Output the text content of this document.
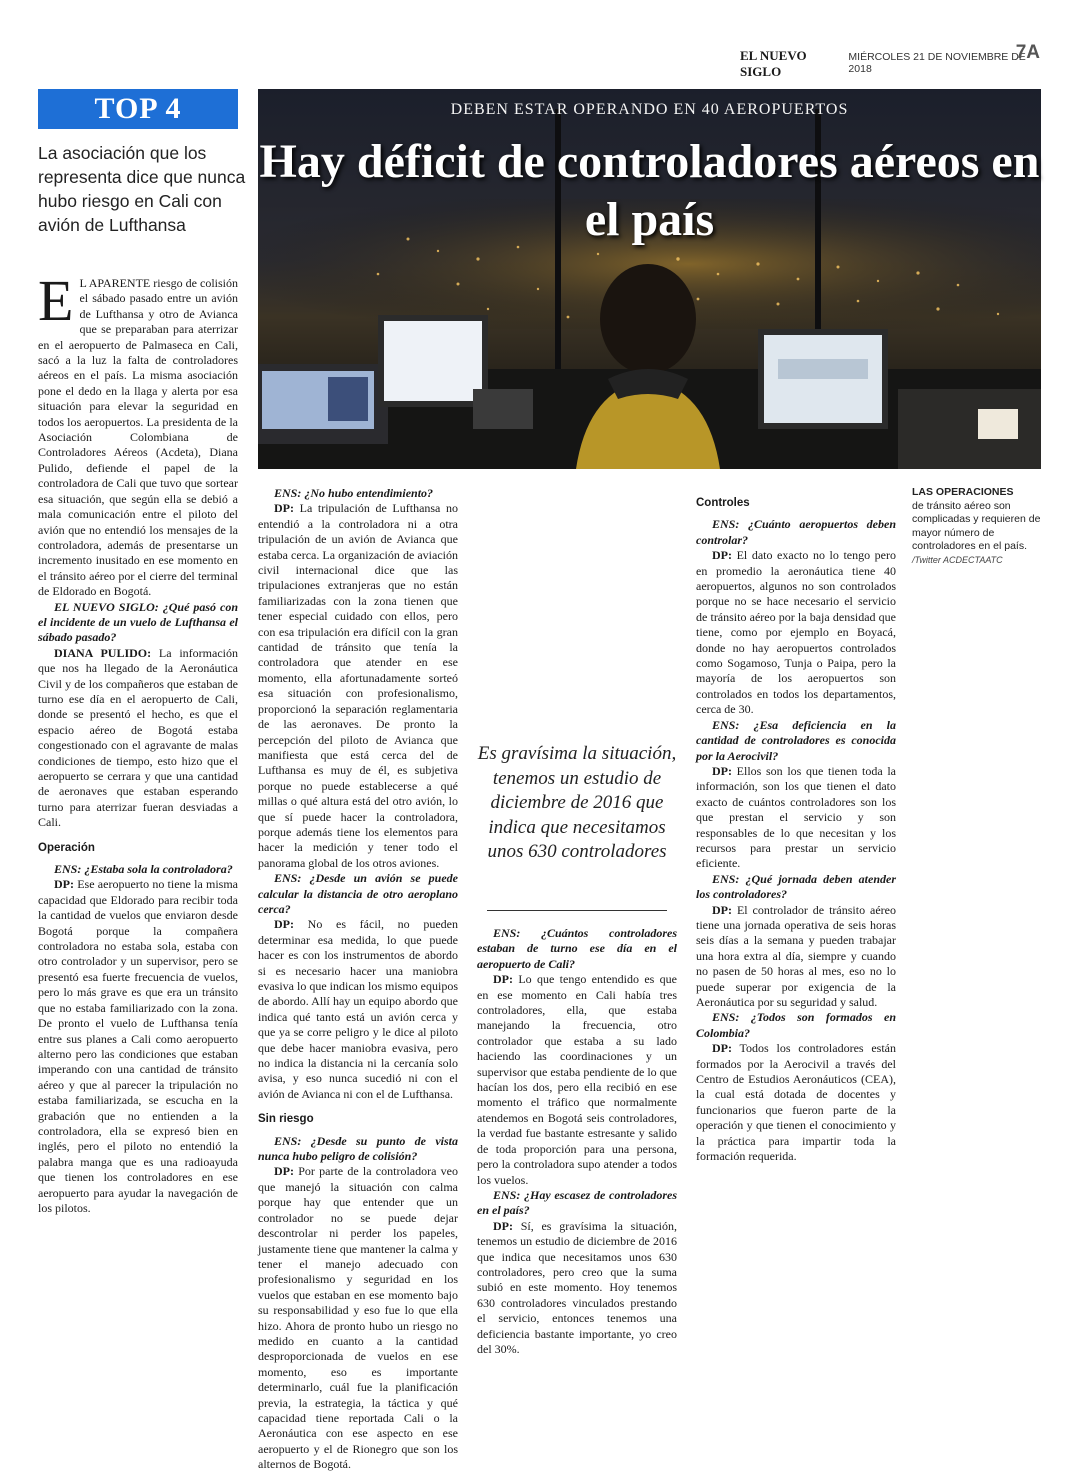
EL NUEVO SIGLO
MIÉRCOLES 21 DE NOVIEMBRE DE 2018
7A
TOP 4
La asociación que los representa dice que nunca hubo riesgo en Cali con avión de Lufthansa
DEBEN ESTAR OPERANDO EN 40 AEROPUERTOS
Hay déficit de controladores aéreos en el país

E L APARENTE riesgo de colisión el sábado pasado entre un avión de Lufthansa y otro de Avianca que se preparaban para aterrizar en el aeropuerto de Palmaseca en Cali, sacó a la luz la falta de controladores aéreos en el país. La misma asociación pone el dedo en la llaga y alerta por esa situación para elevar la seguridad en todos los aeropuertos. La presidenta de la Asociación Colombiana de Controladores Aéreos (Acdeta), Diana Pulido, defiende el papel de la controladora de Cali que tuvo que sortear esa situación, que según ella se debió a mala comunicación entre el piloto del avión que no entendió los mensajes de la controladora, además de presentarse un incremento inusitado en ese momento en el tránsito aéreo por el cierre del terminal de Eldorado en Bogotá.

EL NUEVO SIGLO: ¿Qué pasó con el incidente de un vuelo de Lufthansa el sábado pasado?

DIANA PULIDO: La información que nos ha llegado de la Aeronáutica Civil y de los compañeros que estaban de turno ese día en el aeropuerto de Cali, donde se presentó el hecho, es que el espacio aéreo de Bogotá estaba congestionado con el agravante de malas condiciones de tiempo, esto hizo que el aeropuerto se cerrara y que una cantidad de aeronaves que estaban esperando turno para aterrizar fueran desviadas a Cali.

Operación

ENS: ¿Estaba sola la controladora?

DP: Ese aeropuerto no tiene la misma capacidad que Eldorado para recibir toda la cantidad de vuelos que enviaron desde Bogotá porque la compañera controladora no estaba sola, estaba con otro controlador y un supervisor, pero se presentó esa fuerte frecuencia de vuelos, pero lo más grave es que era un tránsito que no estaba familiarizado con la zona. De pronto el vuelo de Lufthansa tenía entre sus planes a Cali como aeropuerto alterno pero las condiciones que estaban imperando con una cantidad de tránsito aéreo y que al parecer la tripulación no estaba familiarizada, se escucha en la grabación que no entienden a la controladora, ella se expresó bien en inglés, pero el piloto no entendió la palabra manga que es una radioayuda que tienen los controladores en ese aeropuerto para ayudar la navegación de los pilotos.

ENS: ¿No hubo entendimiento?

DP: La tripulación de Lufthansa no entendió a la controladora ni a otra tripulación de un avión de Avianca que estaba cerca. La organización de aviación civil internacional dice que las tripulaciones extranjeras que no están familiarizadas con la zona tienen que tener especial cuidado con ellos, pero con esa tripulación era difícil con la gran cantidad de tránsito que tenía la controladora que atender en ese momento, ella afortunadamente sorteó esa situación con profesionalismo, proporcionó la separación reglamentaria de las aeronaves. De pronto la percepción del piloto de Avianca que manifiesta que está cerca del de Lufthansa es muy de él, es subjetiva porque no puede establecerse a qué millas o qué altura está del otro avión, lo que sí puede hacer la controladora, porque además tiene los elementos para hacer la medición y tener todo el panorama global de los otros aviones.

ENS: ¿Desde un avión se puede calcular la distancia de otro aeroplano cerca?

DP: No es fácil, no pueden determinar esa medida, lo que puede hacer es con los instrumentos de abordo si es necesario hacer una maniobra evasiva lo que indican los mismo equipos de abordo. Allí hay un equipo abordo que indica qué tanto está un avión cerca y que ya se corre peligro y le dice al piloto que debe hacer maniobra evasiva, pero no indica la distancia ni la cercanía solo avisa, y eso nunca sucedió ni con el avión de Avianca ni con el de Lufthansa.

Sin riesgo

ENS: ¿Desde su punto de vista nunca hubo peligro de colisión?

DP: Por parte de la controladora veo que manejó la situación con calma porque hay que entender que un controlador no se puede dejar descontrolar ni perder los papeles, justamente tiene que mantener la calma y tener el manejo adecuado con profesionalismo y seguridad en los vuelos que estaban en ese momento bajo su responsabilidad y eso fue lo que ella hizo. Ahora de pronto hubo un riesgo no medido en cuanto a la cantidad desproporcionada de vuelos en ese momento, eso es importante determinarlo, cuál fue la planificación previa, la estrategia, la táctica y qué capacidad tiene reportada Cali o la Aeronáutica con ese aspecto en ese aeropuerto y el de Rionegro que son los alternos de Bogotá.

Es gravísima la situación, tenemos un estudio de diciembre de 2016 que indica que necesitamos unos 630 controladores

ENS: ¿Cuántos controladores estaban de turno ese día en el aeropuerto de Cali?

DP: Lo que tengo entendido es que en ese momento en Cali había tres controladores, ella, que estaba manejando la frecuencia, otro controlador que estaba a su lado haciendo las coordinaciones y un supervisor que estaba pendiente de lo que hacían los dos, pero ella recibió en ese momento el tráfico que normalmente atendemos en Bogotá seis controladores, la verdad fue bastante estresante y salido de toda proporción para una persona, pero la controladora supo atender a todos los vuelos.

ENS: ¿Hay escasez de controladores en el país?

DP: Sí, es gravísima la situación, tenemos un estudio de diciembre de 2016 que indica que necesitamos unos 630 controladores, pero creo que la suma subió en este momento. Hoy tenemos 630 controladores vinculados prestando el servicio, entonces tenemos una deficiencia bastante importante, yo creo del 30%.

Controles

ENS: ¿Cuánto aeropuertos deben controlar?

DP: El dato exacto no lo tengo pero en promedio la aeronáutica tiene 40 aeropuertos, algunos no son controlados porque no se hace necesario el servicio de tránsito aéreo por la baja densidad que tiene, como por ejemplo en Boyacá, donde no hay aeropuertos controlados como Sogamoso, Tunja o Paipa, pero la mayoría de los aeropuertos son controlados en todos los departamentos, cerca de 30.

ENS: ¿Esa deficiencia en la cantidad de controladores es conocida por la Aerocivil?

DP: Ellos son los que tienen toda la información, son los que tienen el dato exacto de cuántos controladores son los que prestan el servicio y son responsables de lo que necesitan y los recursos para prestar un servicio eficiente.

ENS: ¿Qué jornada deben atender los controladores?

DP: El controlador de tránsito aéreo tiene una jornada operativa de seis horas seis días a la semana y pueden trabajar una hora extra al día, siempre y cuando no pasen de 50 horas al mes, eso no lo puede superar por exigencia de la Aeronáutica por su seguridad y salud.

ENS: ¿Todos son formados en Colombia?

DP: Todos los controladores están formados por la Aerocivil a través del Centro de Estudios Aeronáuticos (CEA), la cual está dotada de docentes y funcionarios que fueron parte de la operación y que tienen el conocimiento y la práctica para impartir toda la formación requerida.

LAS OPERACIONES
de tránsito aéreo son complicadas y requieren de mayor número de controladores en el país.
/Twitter ACDECTAATC
